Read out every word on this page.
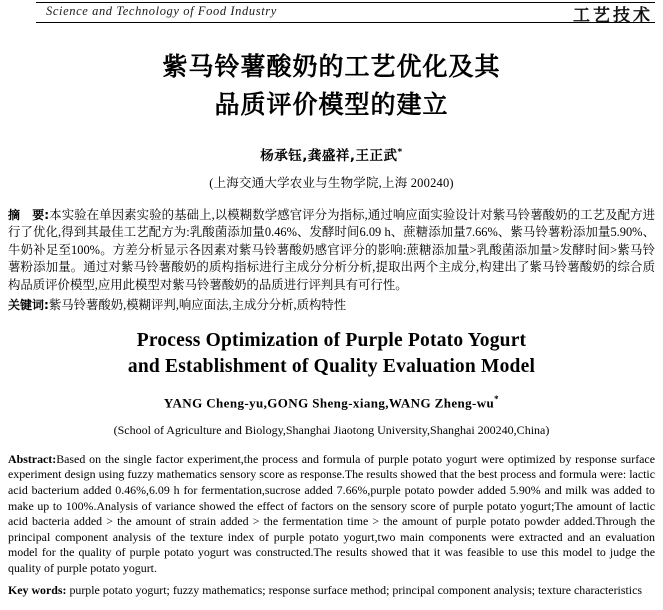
Science and Technology of Food Industry	工艺技术
紫马铃薯酸奶的工艺优化及其
品质评价模型的建立
杨承钰,龚盛祥,王正武*
(上海交通大学农业与生物学院,上海 200240)
摘　要:本实验在单因素实验的基础上,以模糊数学感官评分为指标,通过响应面实验设计对紫马铃薯酸奶的工艺及配方进行了优化,得到其最佳工艺配方为:乳酸菌添加量0.46%、发酵时间6.09 h、蔗糖添加量7.66%、紫马铃薯粉添加量5.90%、牛奶补足至100%。方差分析显示各因素对紫马铃薯酸奶感官评分的影响:蔗糖添加量>乳酸菌添加量>发酵时间>紫马铃薯粉添加量。通过对紫马铃薯酸奶的质构指标进行主成分分析分析,提取出两个主成分,构建出了紫马铃薯酸奶的综合质构品质评价模型,应用此模型对紫马铃薯酸奶的品质进行评判具有可行性。
关键词:紫马铃薯酸奶,模糊评判,响应面法,主成分分析,质构特性
Process Optimization of Purple Potato Yogurt
and Establishment of Quality Evaluation Model
YANG Cheng-yu,GONG Sheng-xiang,WANG Zheng-wu*
(School of Agriculture and Biology,Shanghai Jiaotong University,Shanghai 200240,China)
Abstract:Based on the single factor experiment,the process and formula of purple potato yogurt were optimized by response surface experiment design using fuzzy mathematics sensory score as response.The results showed that the best process and formula were: lactic acid bacterium added 0.46%,6.09 h for fermentation,sucrose added 7.66%,purple potato powder added 5.90% and milk was added to make up to 100%.Analysis of variance showed the effect of factors on the sensory score of purple potato yogurt;The amount of lactic acid bacteria added > the amount of strain added > the fermentation time > the amount of purple potato powder added.Through the principal component analysis of the texture index of purple potato yogurt,two main components were extracted and an evaluation model for the quality of purple potato yogurt was constructed.The results showed that it was feasible to use this model to judge the quality of purple potato yogurt.
Key words: purple potato yogurt; fuzzy mathematics; response surface method; principal component analysis; texture characteristics
